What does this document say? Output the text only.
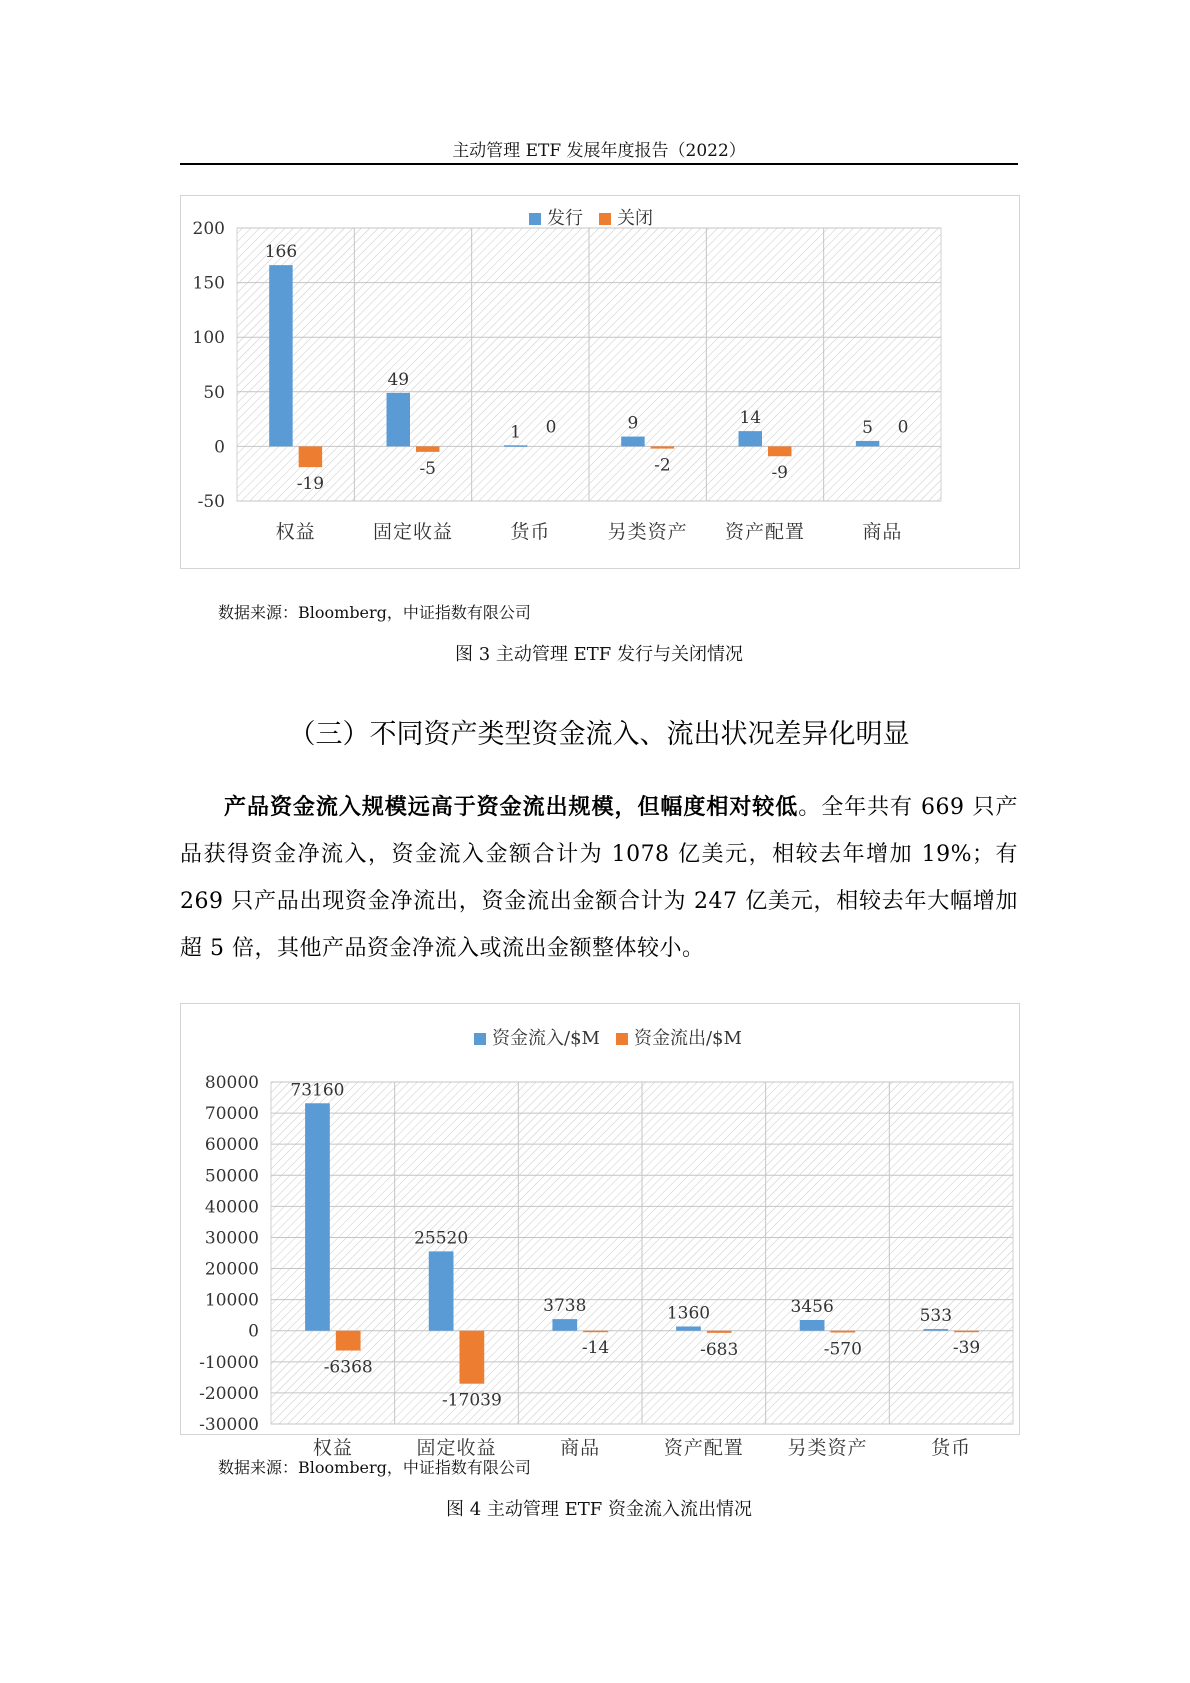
主动管理 ETF 发展年度报告（2022）
200
150
100
50
0
-50
166
-19
权益
49
-5
固定收益
1 0
货币
9
-2
另类资产
14
-9
资产配置
5 0
商品
发行 关闭
数据来源：Bloomberg，中证指数有限公司
图 3 主动管理 ETF 发行与关闭情况
（三）不同资产类型资金流入、流出状况差异化明显

产品资金流入规模远高于资金流出规模，但幅度相对较低。全年共有 669 只产品获得资金净流入，资金流入金额合计为 1078 亿美元，相较去年增加 19%；有 269 只产品出现资金净流出，资金流出金额合计为 247 亿美元，相较去年大幅增加超 5 倍，其他产品资金净流入或流出金额整体较小。

80000
70000
60000
50000
40000
30000
20000
10000
0
-10000
-20000
-30000
73160
-6368
权益
25520
-17039
固定收益
3738
-14
商品
1360
-683
资产配置
3456
-570
另类资产
533
-39
货币
资金流入/$M 资金流出/$M
数据来源：Bloomberg，中证指数有限公司
图 4 主动管理 ETF 资金流入流出情况
